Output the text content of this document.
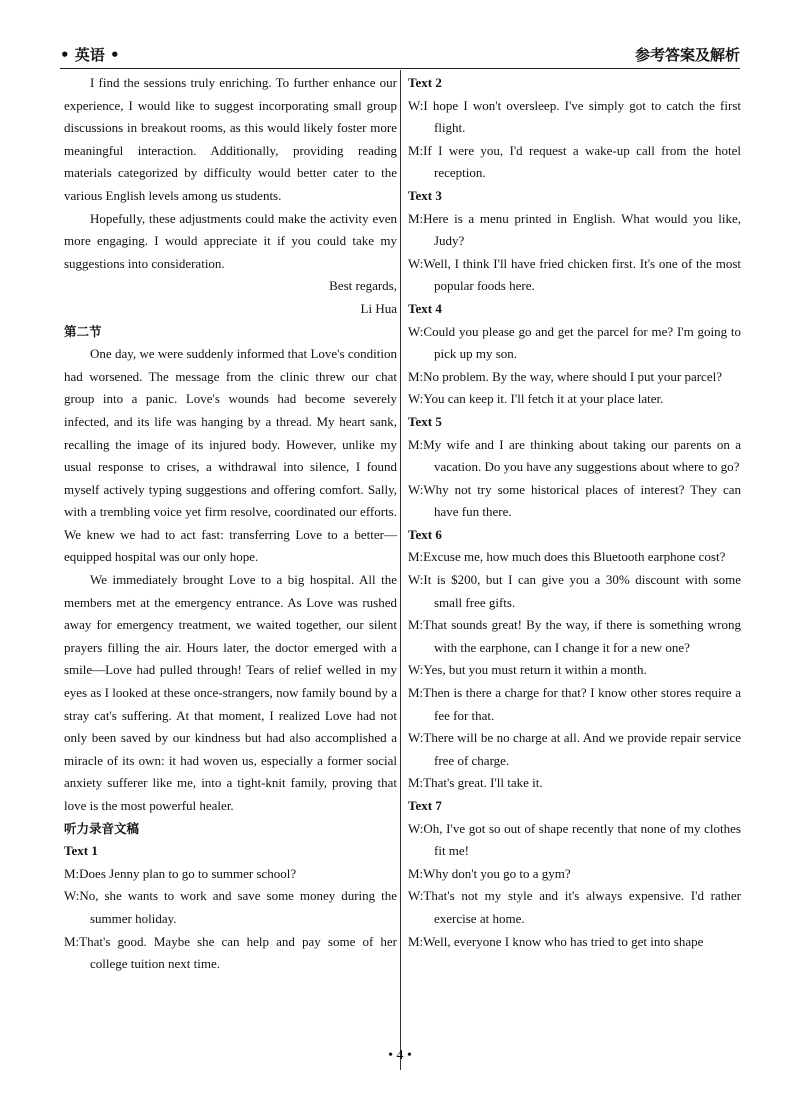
• 英语 •	参考答案及解析

I find the sessions truly enriching. To further enhance our experience, I would like to suggest incorporating small group discussions in breakout rooms, as this would likely foster more meaningful interaction. Additionally, providing reading materials categorized by difficulty would better cater to the various English levels among us students.

Hopefully, these adjustments could make the activity even more engaging. I would appreciate it if you could take my suggestions into consideration.

Best regards,

Li Hua

第二节

One day, we were suddenly informed that Love's condition had worsened. The message from the clinic threw our chat group into a panic. Love's wounds had become severely infected, and its life was hanging by a thread. My heart sank, recalling the image of its injured body. However, unlike my usual response to crises, a withdrawal into silence, I found myself actively typing suggestions and offering comfort. Sally, with a trembling voice yet firm resolve, coordinated our efforts. We knew we had to act fast: transferring Love to a better—equipped hospital was our only hope.

We immediately brought Love to a big hospital. All the members met at the emergency entrance. As Love was rushed away for emergency treatment, we waited together, our silent prayers filling the air. Hours later, the doctor emerged with a smile—Love had pulled through! Tears of relief welled in my eyes as I looked at these once-strangers, now family bound by a stray cat's suffering. At that moment, I realized Love had not only been saved by our kindness but had also accomplished a miracle of its own: it had woven us, especially a former social anxiety sufferer like me, into a tight-knit family, proving that love is the most powerful healer.

听力录音文稿

Text 1

M:Does Jenny plan to go to summer school?

W:No, she wants to work and save some money during the summer holiday.

M:That's good. Maybe she can help and pay some of her college tuition next time.

Text 2

W:I hope I won't oversleep. I've simply got to catch the first flight.

M:If I were you, I'd request a wake-up call from the hotel reception.

Text 3

M:Here is a menu printed in English. What would you like, Judy?

W:Well, I think I'll have fried chicken first. It's one of the most popular foods here.

Text 4

W:Could you please go and get the parcel for me? I'm going to pick up my son.

M:No problem. By the way, where should I put your parcel?

W:You can keep it. I'll fetch it at your place later.

Text 5

M:My wife and I are thinking about taking our parents on a vacation. Do you have any suggestions about where to go?

W:Why not try some historical places of interest? They can have fun there.

Text 6

M:Excuse me, how much does this Bluetooth earphone cost?

W:It is $200, but I can give you a 30% discount with some small free gifts.

M:That sounds great! By the way, if there is something wrong with the earphone, can I change it for a new one?

W:Yes, but you must return it within a month.

M:Then is there a charge for that? I know other stores require a fee for that.

W:There will be no charge at all. And we provide repair service free of charge.

M:That's great. I'll take it.

Text 7

W:Oh, I've got so out of shape recently that none of my clothes fit me!

M:Why don't you go to a gym?

W:That's not my style and it's always expensive. I'd rather exercise at home.

M:Well, everyone I know who has tried to get into shape

• 4 •
